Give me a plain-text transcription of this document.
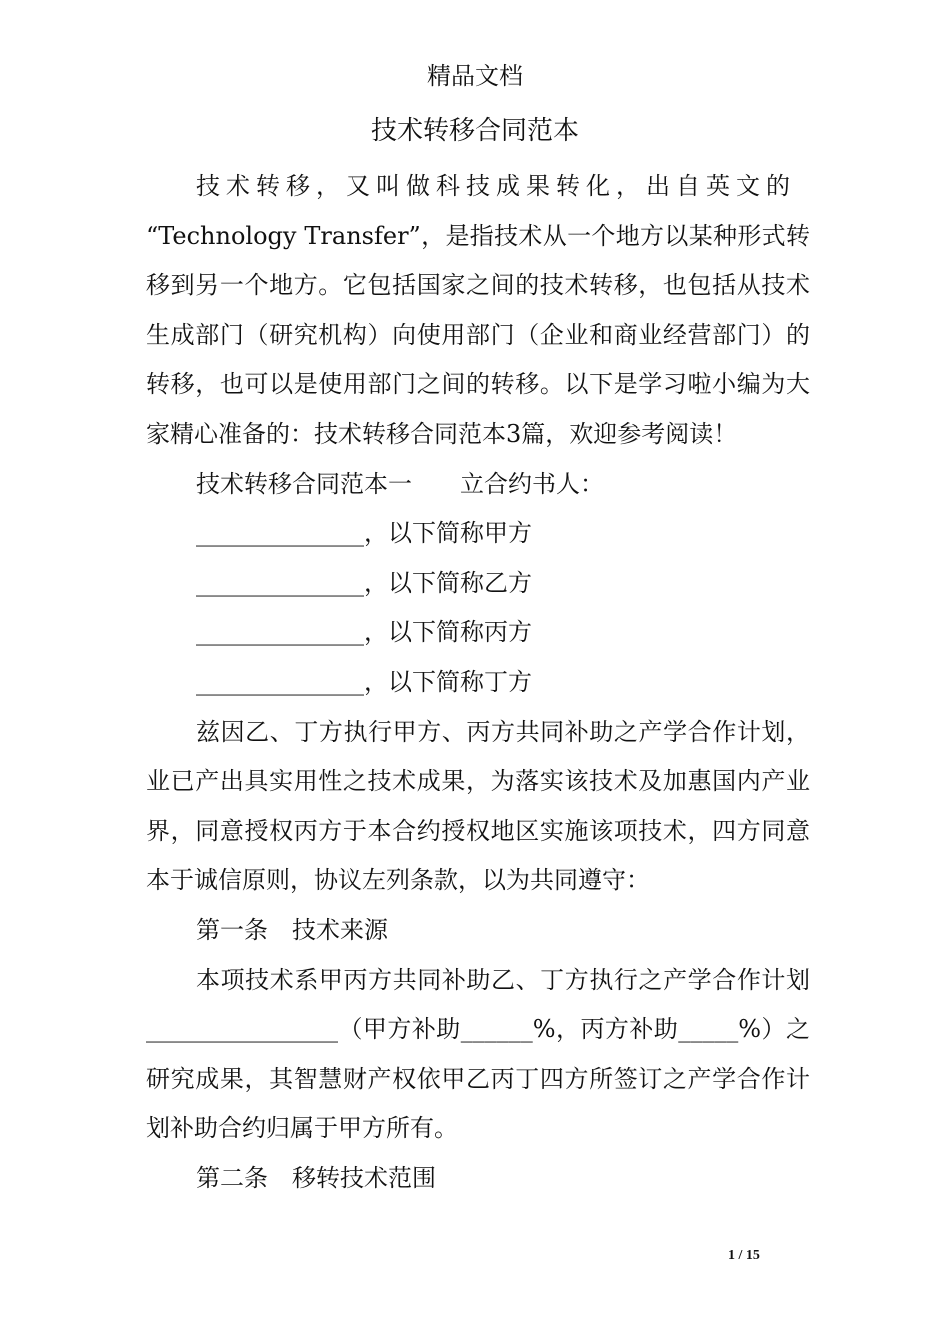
精品文档
技术转移合同范本

技术转移，又叫做科技成果转化，出自英文的

“Technology Transfer”，是指技术从一个地方以某种形式转移到另一个地方。它包括国家之间的技术转移，也包括从技术生成部门（研究机构）向使用部门（企业和商业经营部门）的转移，也可以是使用部门之间的转移。以下是学习啦小编为大家精心准备的：技术转移合同范本3篇，欢迎参考阅读！

技术转移合同范本一　　立合约书人：

______________，以下简称甲方

______________，以下简称乙方

______________，以下简称丙方

______________，以下简称丁方

兹因乙、丁方执行甲方、丙方共同补助之产学合作计划，业已产出具实用性之技术成果，为落实该技术及加惠国内产业界，同意授权丙方于本合约授权地区实施该项技术，四方同意本于诚信原则，协议左列条款，以为共同遵守：

第一条　技术来源

本项技术系甲丙方共同补助乙、丁方执行之产学合作计划________________（甲方补助______%，丙方补助_____%）之研究成果，其智慧财产权依甲乙丙丁四方所签订之产学合作计划补助合约归属于甲方所有。

第二条　移转技术范围

1 / 15
